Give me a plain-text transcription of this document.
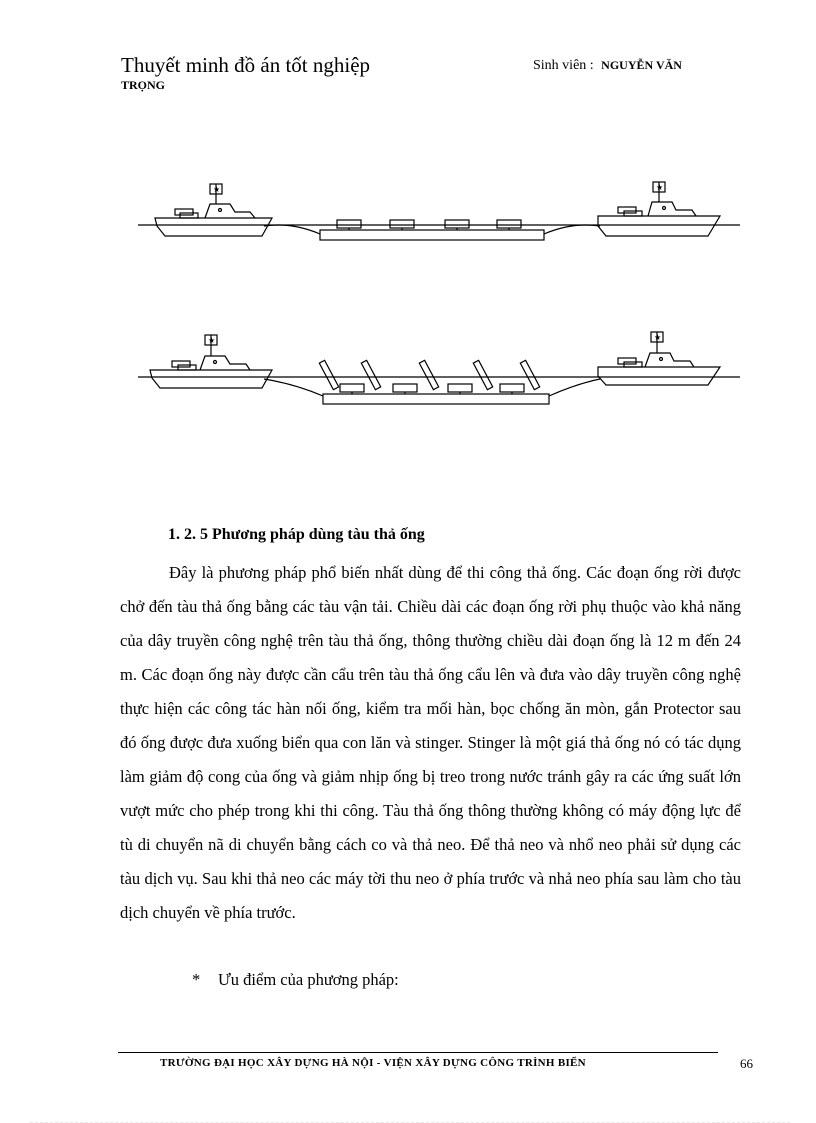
Thuyết minh đồ án tốt nghiệp
TRỌNG
Sinh viên : NGUYỄN VĂN
★	★
★	★
1. 2. 5 Phương pháp dùng tàu thả ống

Đây là phương pháp phổ biến nhất dùng để thi công thả ống. Các đoạn ống rời được chở đến tàu thả ống bằng các tàu vận tải. Chiều dài các đoạn ống rời phụ thuộc vào khả năng của dây truyền công nghệ trên tàu thả ống, thông thường chiều dài đoạn ống là 12 m đến 24 m. Các đoạn ống này được cần cẩu trên tàu thả ống cẩu lên và đưa vào dây truyền công nghệ thực hiện các công tác hàn nối ống, kiểm tra mối hàn, bọc chống ăn mòn, gắn Protector sau đó ống được đưa xuống biển qua con lăn và stinger. Stinger là một giá thả ống nó có tác dụng làm giảm độ cong của ống và giảm nhịp ống bị treo trong nước tránh gây ra các ứng suất lớn vượt mức cho phép trong khi thi công. Tàu thả ống thông thường không có máy động lực để tù di chuyển nã di chuyển bằng cách co và thả neo. Để thả neo và nhổ neo phải sử dụng các tàu dịch vụ. Sau khi thả neo các máy tời thu neo ở phía trước và nhả neo phía sau làm cho tàu dịch chuyển về phía trước.

* Ưu điểm của phương pháp:
TRƯỜNG ĐẠI HỌC XÂY DỰNG HÀ NỘI - VIỆN XÂY DỰNG CÔNG TRÌNH BIỂN	66
